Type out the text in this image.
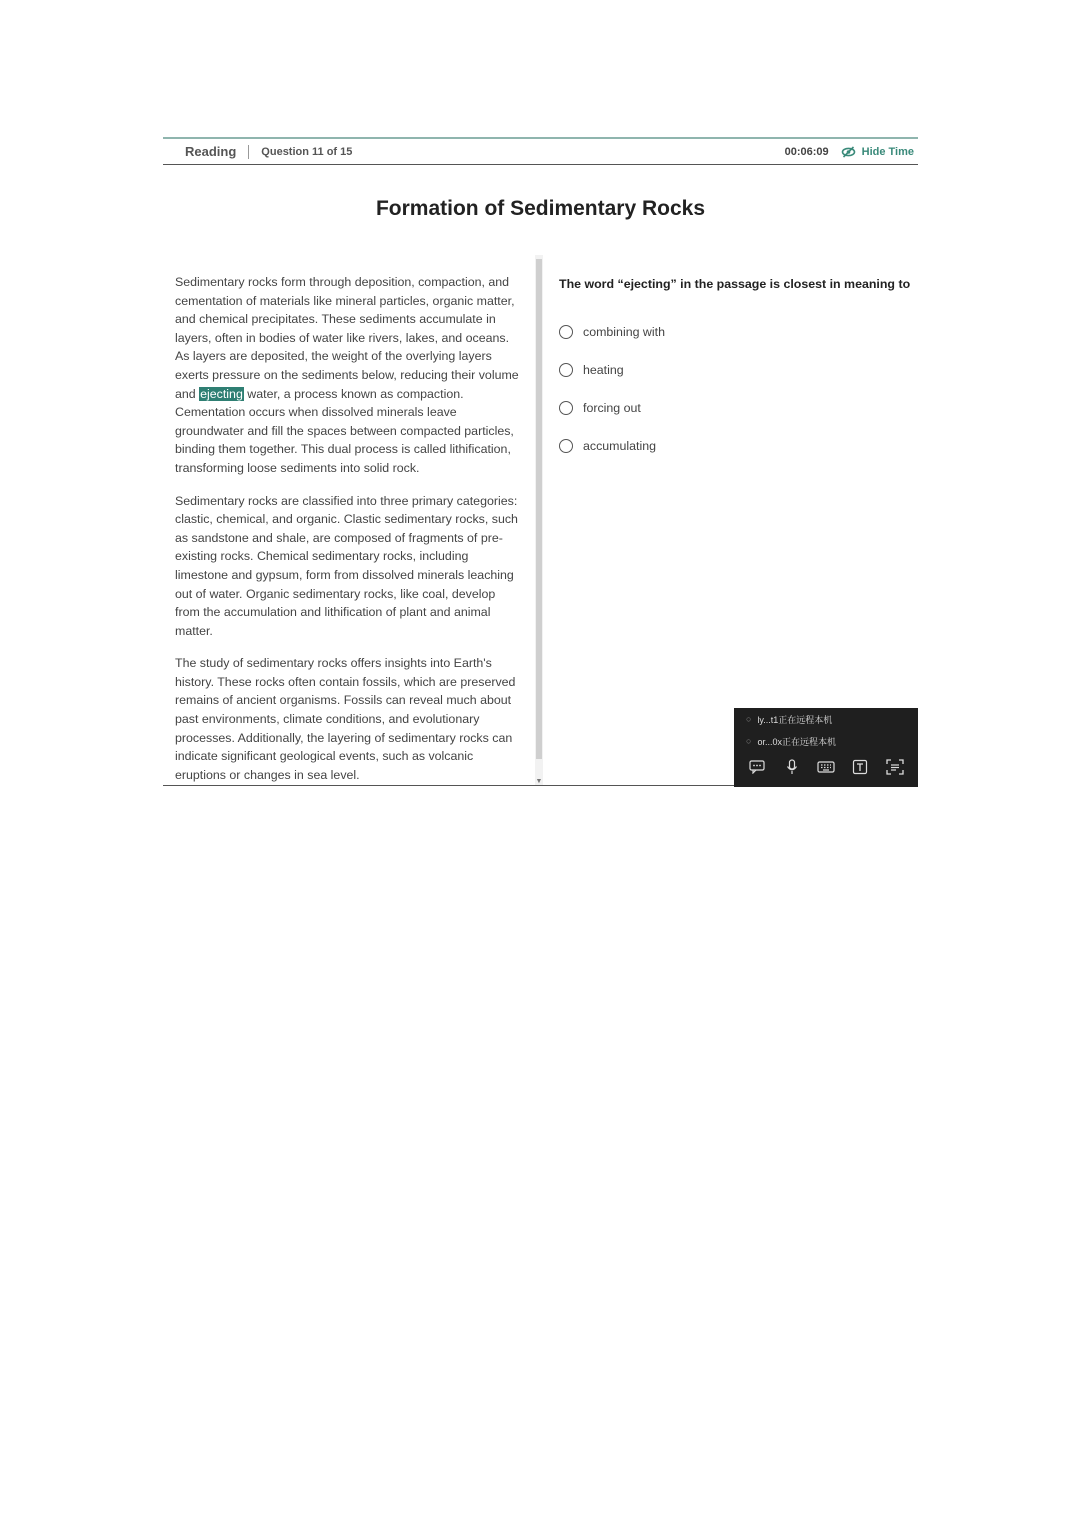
Reading Question 11 of 15	00:06:09	Hide Time
Formation of Sedimentary Rocks

Sedimentary rocks form through deposition, compaction, and cementation of materials like mineral particles, organic matter, and chemical precipitates. These sediments accumulate in layers, often in bodies of water like rivers, lakes, and oceans. As layers are deposited, the weight of the overlying layers exerts pressure on the sediments below, reducing their volume and ejecting water, a process known as compaction. Cementation occurs when dissolved minerals leave groundwater and fill the spaces between compacted particles, binding them together. This dual process is called lithification, transforming loose sediments into solid rock.

Sedimentary rocks are classified into three primary categories: clastic, chemical, and organic. Clastic sedimentary rocks, such as sandstone and shale, are composed of fragments of pre-existing rocks. Chemical sedimentary rocks, including limestone and gypsum, form from dissolved minerals leaching out of water. Organic sedimentary rocks, like coal, develop from the accumulation and lithification of plant and animal matter.

The study of sedimentary rocks offers insights into Earth's history. These rocks often contain fossils, which are preserved remains of ancient organisms. Fossils can reveal much about past environments, climate conditions, and evolutionary processes. Additionally, the layering of sedimentary rocks can indicate significant geological events, such as volcanic eruptions or changes in sea level.	▼

The word “ejecting” in the passage is closest in meaning to

combining with
heating
forcing out
accumulating
○ ly...t1正在远程本机
○ or...0x正在远程本机
